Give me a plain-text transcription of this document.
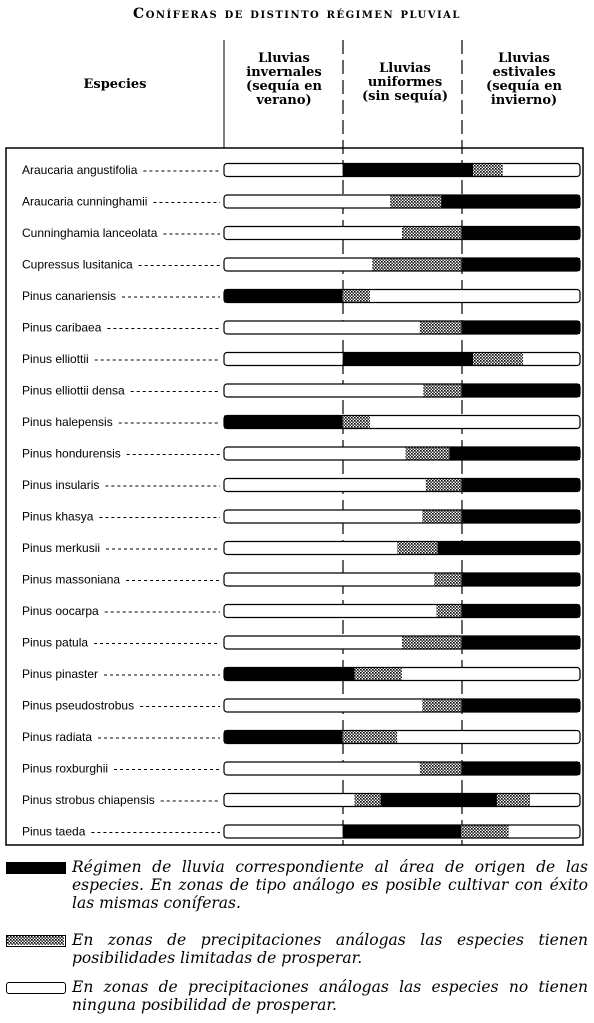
Coníferas de distinto régimen pluvial
Especies
Lluvias
invernales
(sequía en
verano)
Lluvias
uniformes
(sin sequía)
Lluvias
estivales
(sequía en
invierno)
Araucaria angustifolia
Araucaria cunninghamii
Cunninghamia lanceolata
Cupressus lusitanica
Pinus canariensis
Pinus caribaea
Pinus elliottii
Pinus elliottii densa
Pinus halepensis
Pinus hondurensis
Pinus insularis
Pinus khasya
Pinus merkusii
Pinus massoniana
Pinus oocarpa
Pinus patula
Pinus pinaster
Pinus pseudostrobus
Pinus radiata
Pinus roxburghii
Pinus strobus chiapensis
Pinus taeda
Régimen de lluvia correspondiente al área de origen de las especies. En zonas de tipo análogo es posible cultivar con éxito las mismas coníferas.
En zonas de precipitaciones análogas las especies tienen posibilidades limitadas de prosperar.
En zonas de precipitaciones análogas las especies no tienen ninguna posibilidad de prosperar.
